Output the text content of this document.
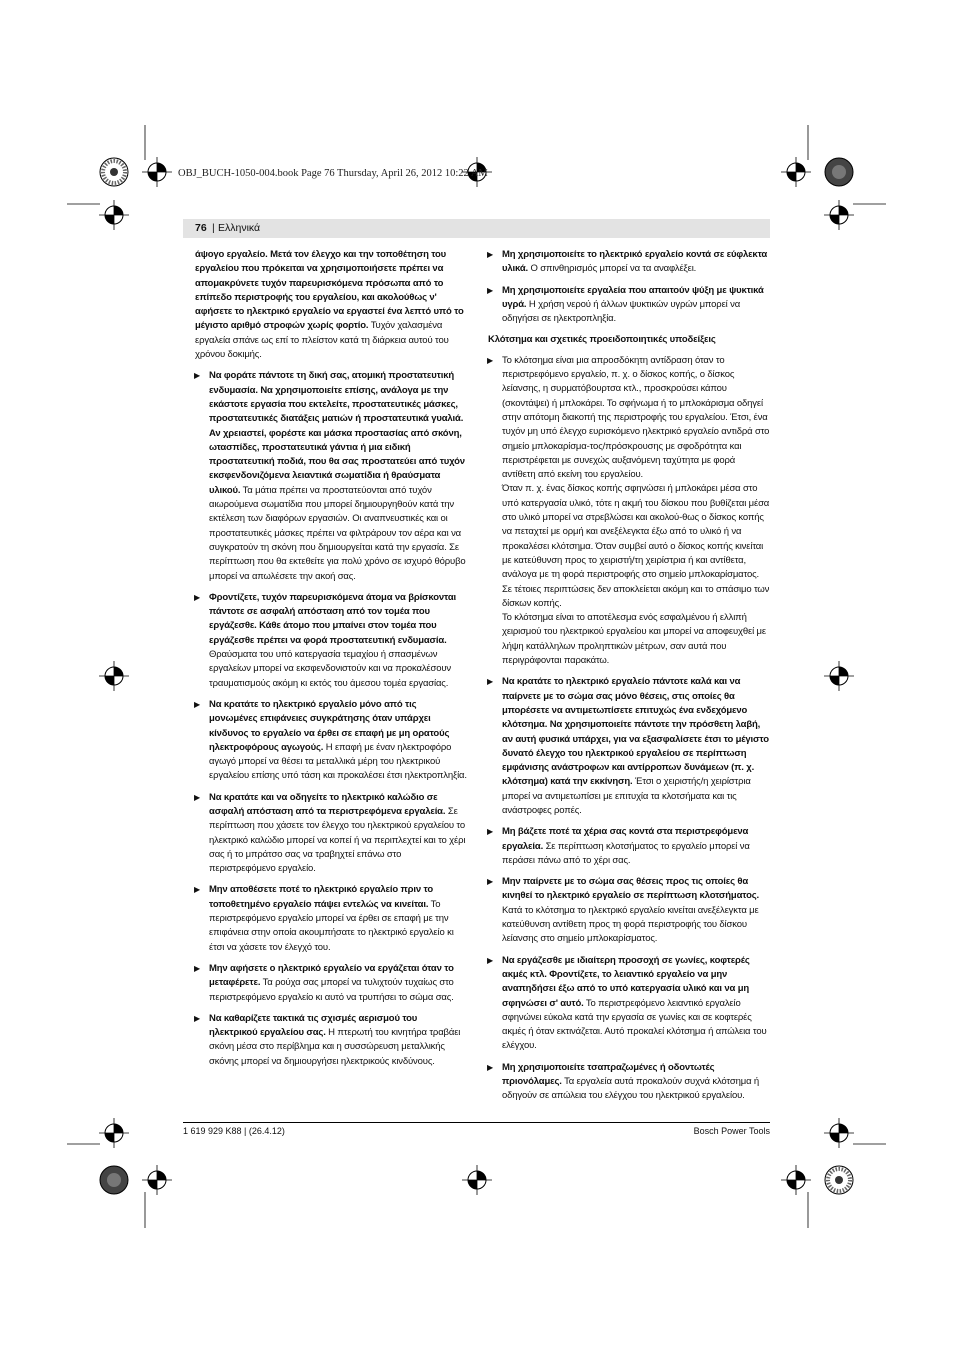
OBJ_BUCH-1050-004.book Page 76 Thursday, April 26, 2012 10:22 AM
76 | Ελληνικά
άψογο εργαλείο. Μετά τον έλεγχο και την τοποθέτηση του εργαλείου που πρόκειται να χρησιμοποιήσετε πρέπει να απομακρύνετε τυχόν παρευρισκόμενα πρόσωπα από το επίπεδο περιστροφής του εργαλείου, και ακολούθως ν' αφήσετε το ηλεκτρικό εργαλείο να εργαστεί ένα λεπτό υπό το μέγιστο αριθμό στροφών χωρίς φορτίο. Τυχόν χαλασμένα εργαλεία σπάνε ως επί το πλείστον κατά τη διάρκεια αυτού του χρόνου δοκιμής.
▶ Να φοράτε πάντοτε τη δική σας, ατομική προστατευτική ενδυμασία. Να χρησιμοποιείτε επίσης, ανάλογα με την εκάστοτε εργασία που εκτελείτε, προστατευτικές μάσκες, προστατευτικές διατάξεις ματιών ή προστατευτικά γυαλιά. Αν χρειαστεί, φορέστε και μάσκα προστασίας από σκόνη, ωτασπίδες, προστατευτικά γάντια ή μια ειδική προστατευτική ποδιά, που θα σας προστατεύει από τυχόν εκσφενδονιζόμενα λειαντικά σωματίδια ή θραύσματα υλικού. Τα μάτια πρέπει να προστατεύονται από τυχόν αιωρούμενα σωματίδια που μπορεί δημιουργηθούν κατά την εκτέλεση των διαφόρων εργασιών. Οι αναπνευστικές και οι προστατευτικές μάσκες πρέπει να φιλτράρουν τον αέρα και να συγκρατούν τη σκόνη που δημιουργείται κατά την εργασία. Σε περίπτωση που θα εκτεθείτε για πολύ χρόνο σε ισχυρό θόρυβο μπορεί να απωλέσετε την ακοή σας.
▶ Φροντίζετε, τυχόν παρευρισκόμενα άτομα να βρίσκονται πάντοτε σε ασφαλή απόσταση από τον τομέα που εργάζεσθε. Κάθε άτομο που μπαίνει στον τομέα που εργάζεσθε πρέπει να φορά προστατευτική ενδυμασία. Θραύσματα του υπό κατεργασία τεμαχίου ή σπασμένων εργαλείων μπορεί να εκσφενδονιστούν και να προκαλέσουν τραυματισμούς ακόμη κι εκτός του άμεσου τομέα εργασίας.
▶ Να κρατάτε το ηλεκτρικό εργαλείο μόνο από τις μονωμένες επιφάνειες συγκράτησης όταν υπάρχει κίνδυνος το εργαλείο να έρθει σε επαφή με μη ορατούς ηλεκτροφόρους αγωγούς. Η επαφή με έναν ηλεκτροφόρο αγωγό μπορεί να θέσει τα μεταλλικά μέρη του ηλεκτρικού εργαλείου επίσης υπό τάση και προκαλέσει έτσι ηλεκτροπληξία.
▶ Να κρατάτε και να οδηγείτε το ηλεκτρικό καλώδιο σε ασφαλή απόσταση από τα περιστρεφόμενα εργαλεία. Σε περίπτωση που χάσετε τον έλεγχο του ηλεκτρικού εργαλείου το ηλεκτρικό καλώδιο μπορεί να κοπεί ή να περιπλεχτεί και το χέρι σας ή το μπράτσο σας να τραβηχτεί επάνω στο περιστρεφόμενο εργαλείο.
▶ Μην αποθέσετε ποτέ το ηλεκτρικό εργαλείο πριν το τοποθετημένο εργαλείο πάψει εντελώς να κινείται. Το περιστρεφόμενο εργαλείο μπορεί να έρθει σε επαφή με την επιφάνεια στην οποία ακουμπήσατε το ηλεκτρικό εργαλείο κι έτσι να χάσετε τον έλεγχό του.
▶ Μην αφήσετε ο ηλεκτρικό εργαλείο να εργάζεται όταν το μεταφέρετε. Τα ρούχα σας μπορεί να τυλιχτούν τυχαίως στο περιστρεφόμενο εργαλείο κι αυτό να τρυπήσει το σώμα σας.
▶ Να καθαρίζετε τακτικά τις σχισμές αερισμού του ηλεκτρικού εργαλείου σας. Η πτερωτή του κινητήρα τραβάει σκόνη μέσα στο περίβλημα και η συσσώρευση μεταλλικής σκόνης μπορεί να δημιουργήσει ηλεκτρικούς κινδύνους.
▶ Μη χρησιμοποιείτε το ηλεκτρικό εργαλείο κοντά σε εύφλεκτα υλικά. Ο σπινθηρισμός μπορεί να τα αναφλέξει.
▶ Μη χρησιμοποιείτε εργαλεία που απαιτούν ψύξη με ψυκτικά υγρά. Η χρήση νερού ή άλλων ψυκτικών υγρών μπορεί να οδηγήσει σε ηλεκτροπληξία.
Κλότσημα και σχετικές προειδοποιητικές υποδείξεις
▶ Το κλότσημα είναι μια απροσδόκητη αντίδραση όταν το περιστρεφόμενο εργαλείο, π. χ. ο δίσκος κοπής, ο δίσκος λείανσης, η συρματόβουρτσα κτλ., προσκρούσει κάπου (σκοντάψει) ή μπλοκάρει. Το σφήνωμα ή το μπλοκάρισμα οδηγεί στην απότομη διακοπή της περιστροφής του εργαλείου. Έτσι, ένα τυχόν μη υπό έλεγχο ευρισκόμενο ηλεκτρικό εργαλείο αντιδρά στο σημείο μπλοκαρίσμα-τος/πρόσκρουσης με σφοδρότητα και περιστρέφεται με συνεχώς αυξανόμενη ταχύτητα με φορά αντίθετη από εκείνη του εργαλείου.
Όταν π. χ. ένας δίσκος κοπής σφηνώσει ή μπλοκάρει μέσα στο υπό κατεργασία υλικό, τότε η ακμή του δίσκου που βυθίζεται μέσα στο υλικό μπορεί να στρεβλώσει και ακολού-θως ο δίσκος κοπής να πεταχτεί με ορμή και ανεξέλεγκτα έξω από το υλικό ή να προκαλέσει κλότσημα. Όταν συμβεί αυτό ο δίσκος κοπής κινείται με κατεύθυνση προς το χειριστή/τη χειρίστρια ή και αντίθετα, ανάλογα με τη φορά περιστροφής στο σημείο μπλοκαρίσματος. Σε τέτοιες περιπτώσεις δεν αποκλείεται ακόμη και το σπάσιμο των δίσκων κοπής.
Το κλότσημα είναι το αποτέλεσμα ενός εσφαλμένου ή ελλιπή χειρισμού του ηλεκτρικού εργαλείου και μπορεί να αποφευχθεί με λήψη κατάλληλων προληπτικών μέτρων, σαν αυτά που περιγράφονται παρακάτω.
▶ Να κρατάτε το ηλεκτρικό εργαλείο πάντοτε καλά και να παίρνετε με το σώμα σας μόνο θέσεις, στις οποίες θα μπορέσετε να αντιμετωπίσετε επιτυχώς ένα ενδεχόμενο κλότσημα. Να χρησιμοποιείτε πάντοτε την πρόσθετη λαβή, αν αυτή φυσικά υπάρχει, για να εξασφαλίσετε έτσι το μέγιστο δυνατό έλεγχο του ηλεκτρικού εργαλείου σε περίπτωση εμφάνισης ανάστροφων και αντίρροπων δυνάμεων (π. χ. κλότσημα) κατά την εκκίνηση. Έτσι ο χειριστής/η χειρίστρια μπορεί να αντιμετωπίσει με επιτυχία τα κλοτσήματα και τις ανάστροφες ροπές.
▶ Μη βάζετε ποτέ τα χέρια σας κοντά στα περιστρεφόμενα εργαλεία. Σε περίπτωση κλοτσήματος το εργαλείο μπορεί να περάσει πάνω από το χέρι σας.
▶ Μην παίρνετε με το σώμα σας θέσεις προς τις οποίες θα κινηθεί το ηλεκτρικό εργαλείο σε περίπτωση κλοτσήματος. Κατά το κλότσημα το ηλεκτρικό εργαλείο κινείται ανεξέλεγκτα με κατεύθυνση αντίθετη προς τη φορά περιστροφής του δίσκου λείανσης στο σημείο μπλοκαρίσματος.
▶ Να εργάζεσθε με ιδιαίτερη προσοχή σε γωνίες, κοφτερές ακμές κτλ. Φροντίζετε, το λειαντικό εργαλείο να μην αναπηδήσει έξω από το υπό κατεργασία υλικό και να μη σφηνώσει σ' αυτό. Το περιστρεφόμενο λειαντικό εργαλείο σφηνώνει εύκολα κατά την εργασία σε γωνίες και σε κοφτερές ακμές ή όταν εκτινάζεται. Αυτό προκαλεί κλότσημα ή απώλεια του ελέγχου.
▶ Μη χρησιμοποιείτε τσαπραζωμένες ή οδοντωτές πριονόλαμες. Τα εργαλεία αυτά προκαλούν συχνά κλότσημα ή οδηγούν σε απώλεια του ελέγχου του ηλεκτρικού εργαλείου.
1 619 929 K88 | (26.4.12)	Bosch Power Tools
